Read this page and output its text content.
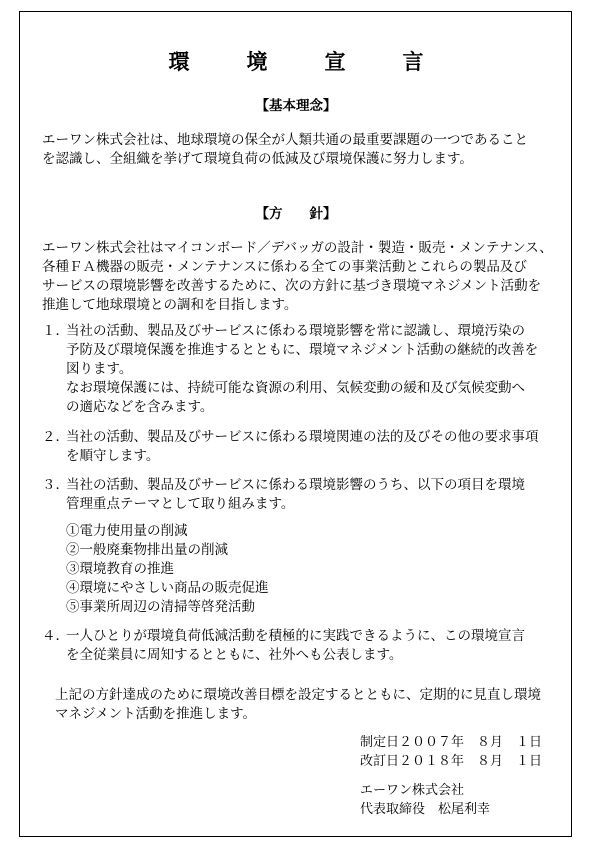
環　境　宣　言
【基本理念】
エーワン株式会社は、地球環境の保全が人類共通の最重要課題の一つであること
を認識し、全組織を挙げて環境負荷の低減及び環境保護に努力します。
【方　　針】
エーワン株式会社はマイコンボード／デバッガの設計・製造・販売・メンテナンス、
各種ＦＡ機器の販売・メンテナンスに係わる全ての事業活動とこれらの製品及び
サービスの環境影響を改善するために、次の方針に基づき環境マネジメント活動を
推進して地球環境との調和を目指します。
１．
当社の活動、製品及びサービスに係わる環境影響を常に認識し、環境汚染の
予防及び環境保護を推進するとともに、環境マネジメント活動の継続的改善を
図ります。
なお環境保護には、持続可能な資源の利用、気候変動の緩和及び気候変動へ
の適応などを含みます。
２．
当社の活動、製品及びサービスに係わる環境関連の法的及びその他の要求事項
を順守します。
３．
当社の活動、製品及びサービスに係わる環境影響のうち、以下の項目を環境
管理重点テーマとして取り組みます。
①電力使用量の削減
②一般廃棄物排出量の削減
③環境教育の推進
④環境にやさしい商品の販売促進
⑤事業所周辺の清掃等啓発活動
４．
一人ひとりが環境負荷低減活動を積極的に実践できるように、この環境宣言
を全従業員に周知するとともに、社外へも公表します。
上記の方針達成のために環境改善目標を設定するとともに、定期的に見直し環境
マネジメント活動を推進します。
制定日２００７年　８月　１日
改訂日２０１８年　８月　１日
エーワン株式会社
代表取締役　松尾利幸
